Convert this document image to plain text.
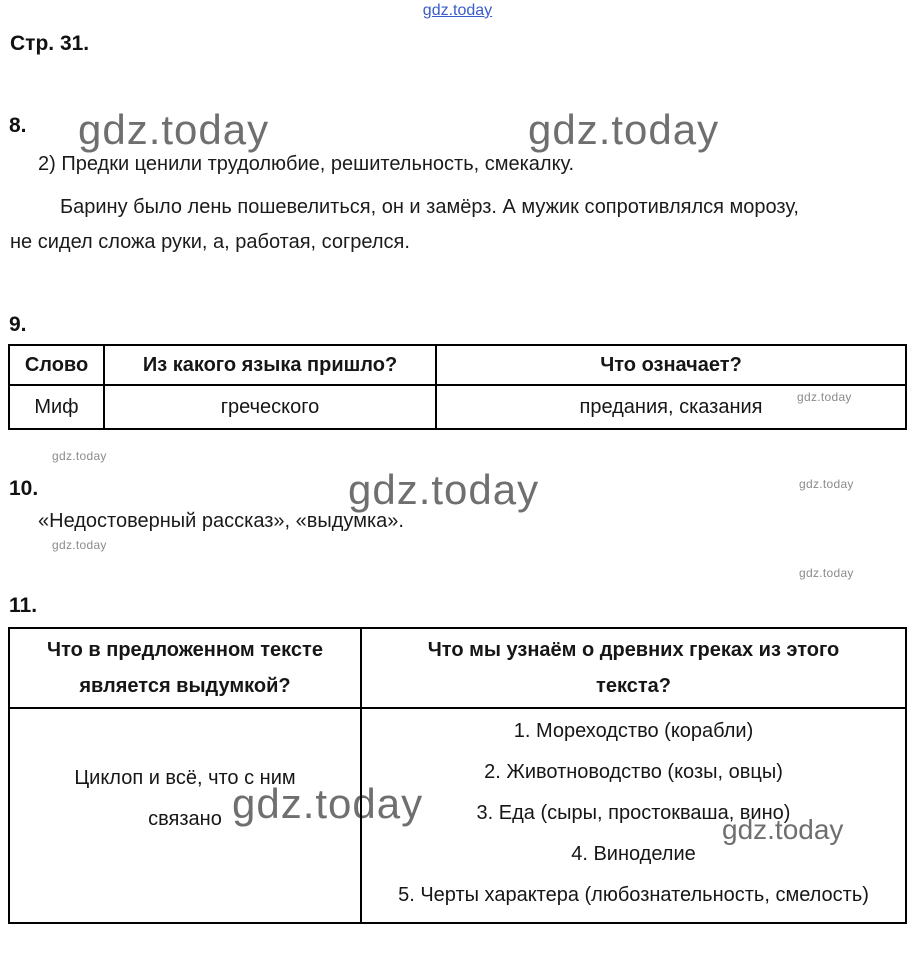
gdz.today	gdz.today
gdz.today
gdz.today
gdz.today	gdz.today
gdz.today
gdz.today
gdz.today
gdz.today
gdz.today
Стр. 31.
8.
2) Предки ценили трудолюбие, решительность, смекалку.
Барину было лень пошевелиться, он и замёрз. А мужик сопротивлялся морозу,
не сидел сложа руки, а, работая, согрелся.
9.
Слово	Из какого языка пришло?	Что означает?
Миф	греческого	предания, сказания
10.
«Недостоверный рассказ», «выдумка».
11.
Что в предложенном тексте является выдумкой?	Что мы узнаём о древних греках из этого текста?

Циклоп и всё, что с ним связано	1. Мореходство (корабли)
2. Животноводство (козы, овцы)
3. Еда (сыры, простокваша, вино)
4. Виноделие
5. Черты характера (любознательность, смелость)
